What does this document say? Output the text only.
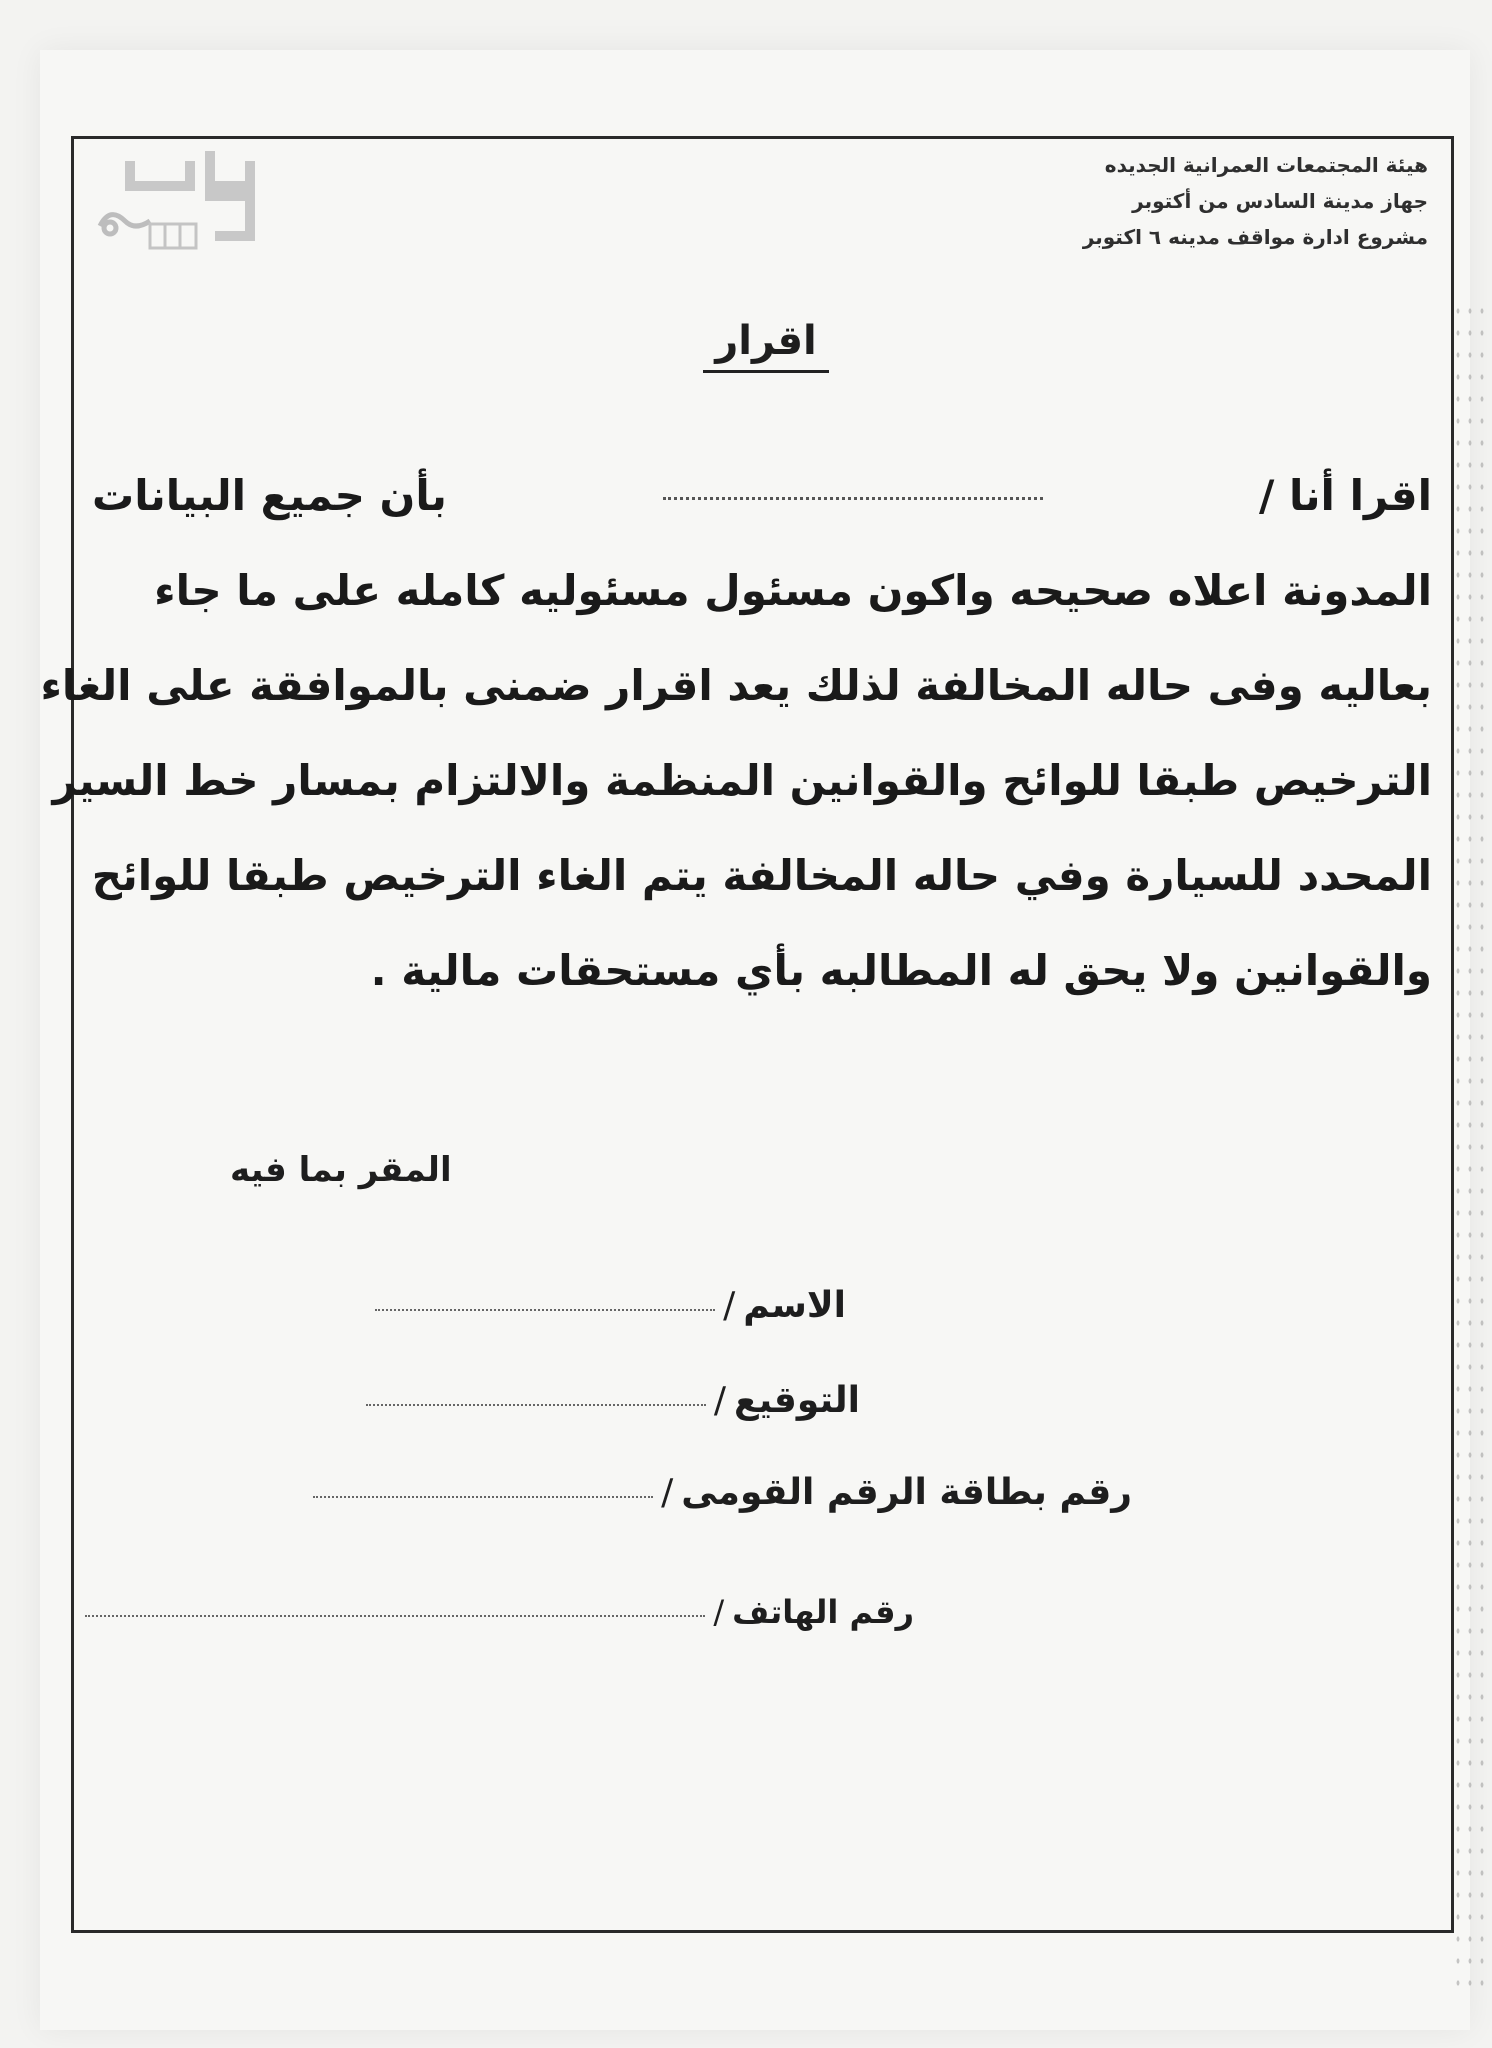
هيئة المجتمعات العمرانية الجديده
جهاز مدينة السادس من أكتوبر
مشروع ادارة مواقف مدينه ٦ اكتوبر
اقرار
اقرا أنا /
بأن جميع البيانات
المدونة اعلاه صحيحه واكون مسئول مسئوليه كامله على ما جاء
بعاليه وفى حاله المخالفة لذلك يعد اقرار ضمنى بالموافقة على الغاء
الترخيص طبقا للوائح والقوانين المنظمة والالتزام بمسار خط السير
المحدد للسيارة وفي حاله المخالفة يتم الغاء الترخيص طبقا للوائح
والقوانين ولا يحق له المطالبه بأي مستحقات مالية .
المقر بما فيه
الاسم
/
التوقيع
/
رقم بطاقة الرقم القومى
/
رقم الهاتف
/
